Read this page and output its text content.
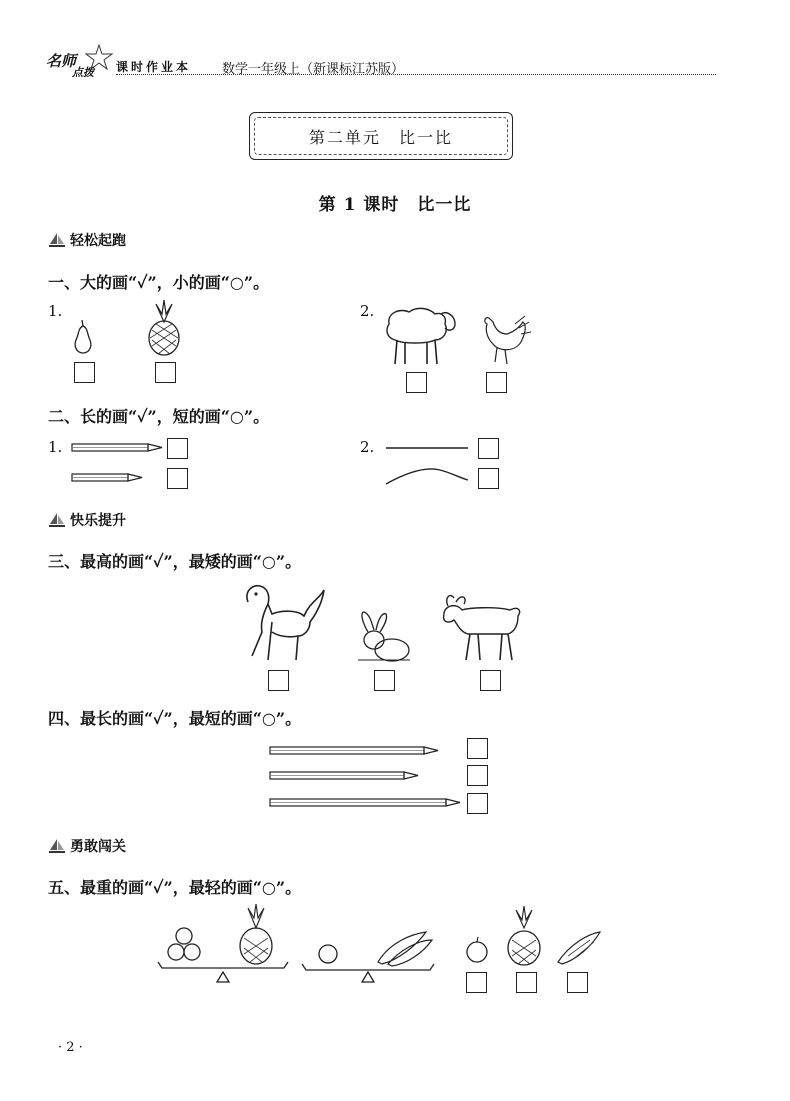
名师
点拨 课时作业本 数学一年级上（新课标江苏版）
第二单元　比一比
第 1 课时　比一比
轻松起跑
一、大的画“✓”，小的画“○”。
1.	2.
二、长的画“✓”，短的画“○”。
1.	2.
快乐提升
三、最高的画“✓”，最矮的画“○”。
四、最长的画“✓”，最短的画“○”。
勇敢闯关
五、最重的画“✓”，最轻的画“○”。
· 2 ·
